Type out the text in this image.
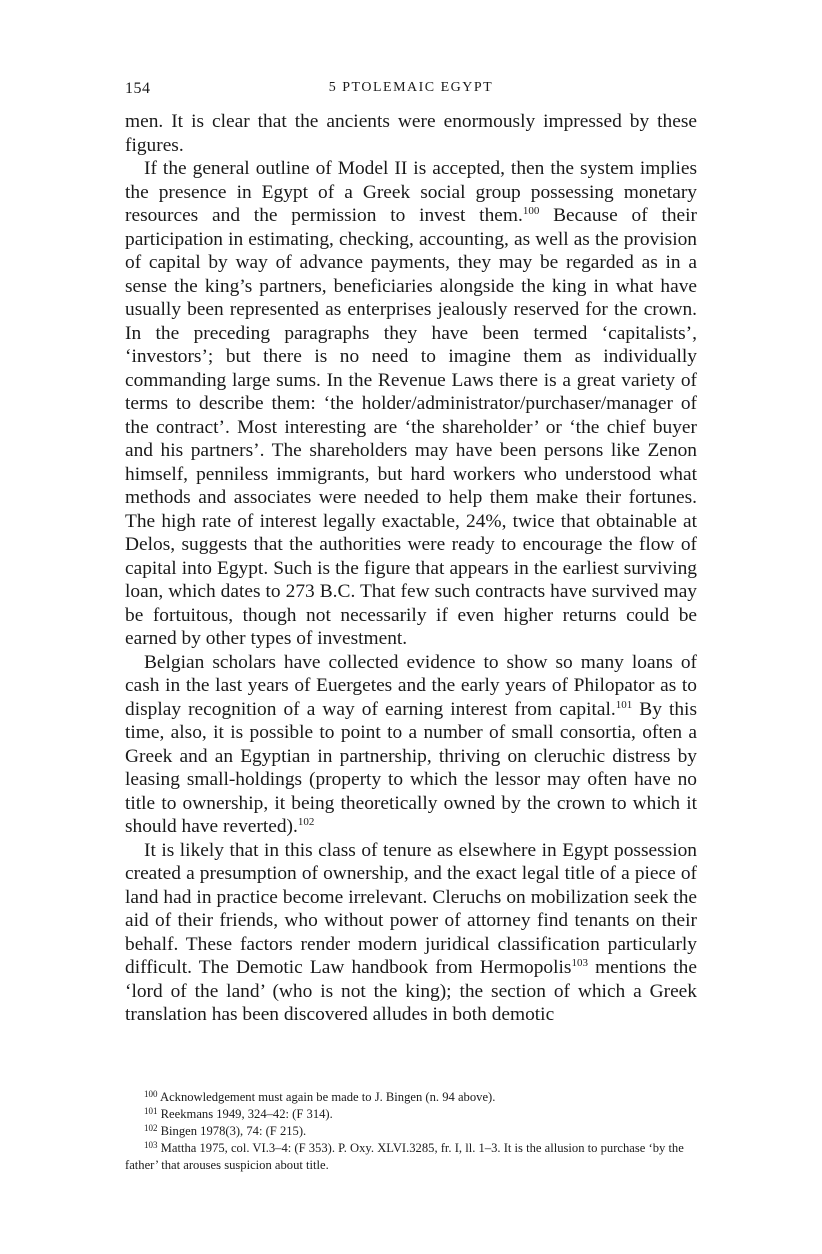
154	5 PTOLEMAIC EGYPT

men. It is clear that the ancients were enormously impressed by these figures.

If the general outline of Model II is accepted, then the system implies the presence in Egypt of a Greek social group possessing monetary resources and the permission to invest them.$^{100}$ Because of their participation in estimating, checking, accounting, as well as the provision of capital by way of advance payments, they may be regarded as in a sense the king’s partners, beneficiaries alongside the king in what have usually been represented as enterprises jealously reserved for the crown. In the preceding paragraphs they have been termed ‘capitalists’, ‘investors’; but there is no need to imagine them as individually commanding large sums. In the Revenue Laws there is a great variety of terms to describe them: ‘the holder/administrator/purchaser/manager of the contract’. Most interesting are ‘the shareholder’ or ‘the chief buyer and his partners’. The shareholders may have been persons like Zenon himself, penniless immigrants, but hard workers who understood what methods and associates were needed to help them make their fortunes. The high rate of interest legally exactable, 24%, twice that obtainable at Delos, suggests that the authorities were ready to encourage the flow of capital into Egypt. Such is the figure that appears in the earliest surviving loan, which dates to 273 B.C. That few such contracts have survived may be fortuitous, though not necessarily if even higher returns could be earned by other types of investment.

Belgian scholars have collected evidence to show so many loans of cash in the last years of Euergetes and the early years of Philopator as to display recognition of a way of earning interest from capital.$^{101}$ By this time, also, it is possible to point to a number of small consortia, often a Greek and an Egyptian in partnership, thriving on cleruchic distress by leasing small-holdings (property to which the lessor may often have no title to ownership, it being theoretically owned by the crown to which it should have reverted).$^{102}$

It is likely that in this class of tenure as elsewhere in Egypt possession created a presumption of ownership, and the exact legal title of a piece of land had in practice become irrelevant. Cleruchs on mobilization seek the aid of their friends, who without power of attorney find tenants on their behalf. These factors render modern juridical classification particularly difficult. The Demotic Law handbook from Hermopolis$^{103}$ mentions the ‘lord of the land’ (who is not the king); the section of which a Greek translation has been discovered alludes in both demotic

$^{100}$ Acknowledgement must again be made to J. Bingen (n. 94 above).

$^{101}$ Reekmans 1949, 324–42: (F 314).

$^{102}$ Bingen 1978(3), 74: (F 215).

$^{103}$ Mattha 1975, col. VI.3–4: (F 353). P. Oxy. XLVI.3285, fr. I, ll. 1–3. It is the allusion to purchase ‘by the father’ that arouses suspicion about title.
